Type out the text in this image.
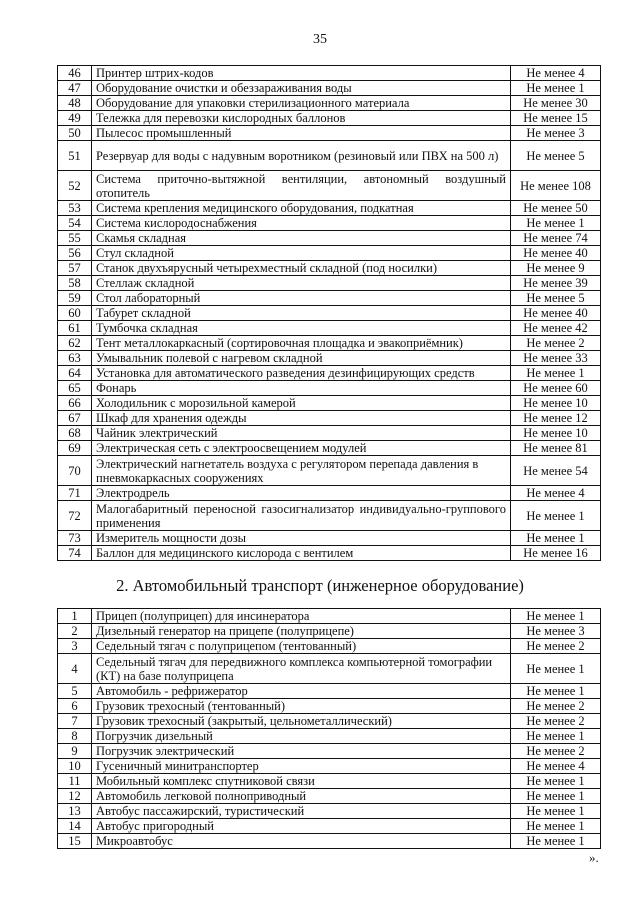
35
46	Принтер штрих-кодов	Не менее 4
47	Оборудование очистки и обеззараживания воды	Не менее 1
48	Оборудование для упаковки стерилизационного материала	Не менее 30
49	Тележка для перевозки кислородных баллонов	Не менее 15
50	Пылесос промышленный	Не менее 3
51	Резервуар для воды с надувным воротником (резиновый или ПВХ на 500 л)	Не менее 5
52	Система приточно-вытяжной вентиляции, автономный воздушный отопитель	Не менее 108
53	Система крепления медицинского оборудования, подкатная	Не менее 50
54	Система кислородоснабжения	Не менее 1
55	Скамья складная	Не менее 74
56	Стул складной	Не менее 40
57	Станок двухъярусный четырехместный складной (под носилки)	Не менее 9
58	Стеллаж складной	Не менее 39
59	Стол лабораторный	Не менее 5
60	Табурет складной	Не менее 40
61	Тумбочка складная	Не менее 42
62	Тент металлокаркасный (сортировочная площадка и эвакоприёмник)	Не менее 2
63	Умывальник полевой с нагревом складной	Не менее 33
64	Установка для автоматического разведения дезинфицирующих средств	Не менее 1
65	Фонарь	Не менее 60
66	Холодильник с морозильной камерой	Не менее 10
67	Шкаф для хранения одежды	Не менее 12
68	Чайник электрический	Не менее 10
69	Электрическая сеть с электроосвещением модулей	Не менее 81
70	Электрический нагнетатель воздуха с регулятором перепада давления в пневмокаркасных сооружениях	Не менее 54
71	Электродрель	Не менее 4
72	Малогабаритный переносной газосигнализатор индивидуально-группового применения	Не менее 1
73	Измеритель мощности дозы	Не менее 1
74	Баллон для медицинского кислорода с вентилем	Не менее 16
2. Автомобильный транспорт (инженерное оборудование)
1	Прицеп (полуприцеп) для инсинератора	Не менее 1
2	Дизельный генератор на прицепе (полуприцепе)	Не менее 3
3	Седельный тягач с полуприцепом (тентованный)	Не менее 2
4	Седельный тягач для передвижного комплекса компьютерной томографии (КТ) на базе полуприцепа	Не менее 1
5	Автомобиль - рефрижератор	Не менее 1
6	Грузовик трехосный (тентованный)	Не менее 2
7	Грузовик трехосный (закрытый, цельнометаллический)	Не менее 2
8	Погрузчик дизельный	Не менее 1
9	Погрузчик электрический	Не менее 2
10	Гусеничный минитранспортер	Не менее 4
11	Мобильный комплекс спутниковой связи	Не менее 1
12	Автомобиль легковой полноприводный	Не менее 1
13	Автобус пассажирский, туристический	Не менее 1
14	Автобус пригородный	Не менее 1
15	Микроавтобус	Не менее 1
».
